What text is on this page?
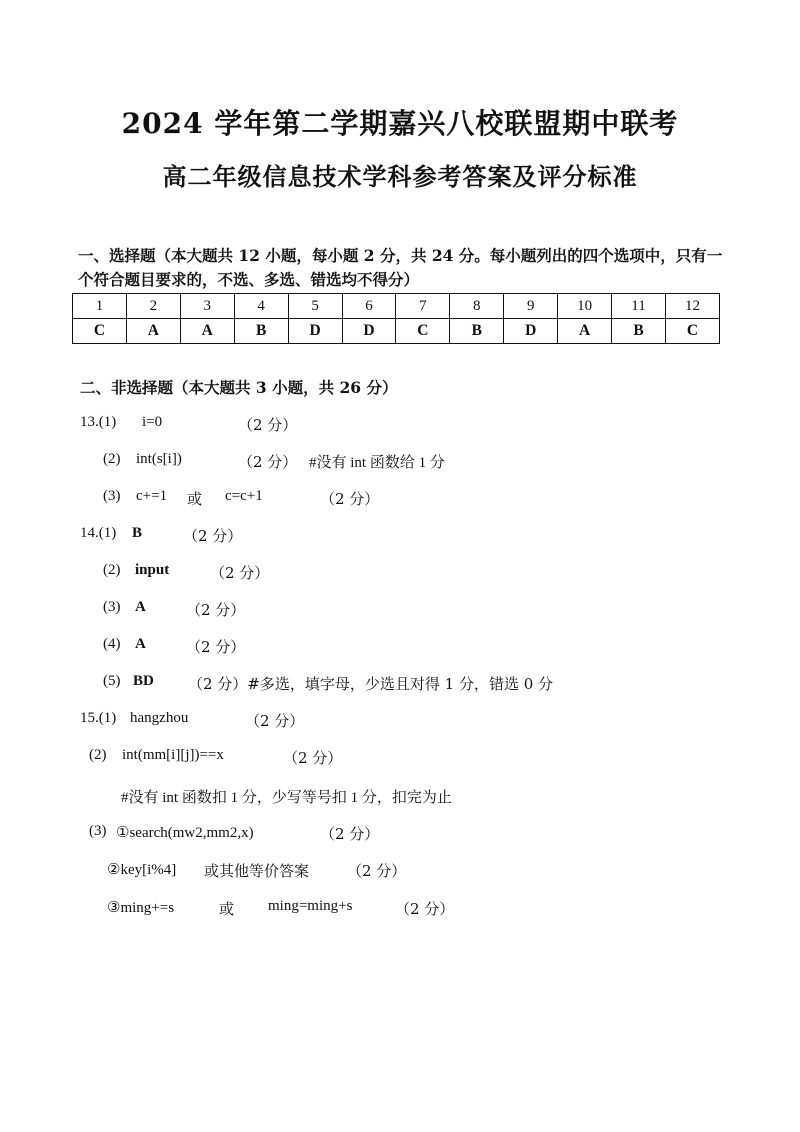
2024 学年第二学期嘉兴八校联盟期中联考
高二年级信息技术学科参考答案及评分标准
一、选择题（本大题共 12 小题，每小题 2 分，共 24 分。每小题列出的四个选项中，只有一个符合题目要求的，不选、多选、错选均不得分）
1	2	3	4	5	6	7	8	9	10	11	12
C	A	A	B	D	D	C	B	D	A	B	C
二、非选择题（本大题共 3 小题，共 26 分）
13.(1) i=0	（2 分）
(2) int(s[i])	（2 分） #没有 int 函数给 1 分
(3) c+=1 或 c=c+1	（2 分）
14.(1) B	（2 分）
(2) input	（2 分）
(3) A	（2 分）
(4) A	（2 分）
(5) BD （2 分）#多选，填字母，少选且对得 1 分，错选 0 分
15.(1) hangzhou	（2 分）
(2) int(mm[i][j])==x	（2 分）
#没有 int 函数扣 1 分，少写等号扣 1 分，扣完为止
(3) ①search(mw2,mm2,x)	（2 分）
②key[i%4] 或其他等价答案	（2 分）
③ming+=s	或 ming=ming+s	（2 分）
